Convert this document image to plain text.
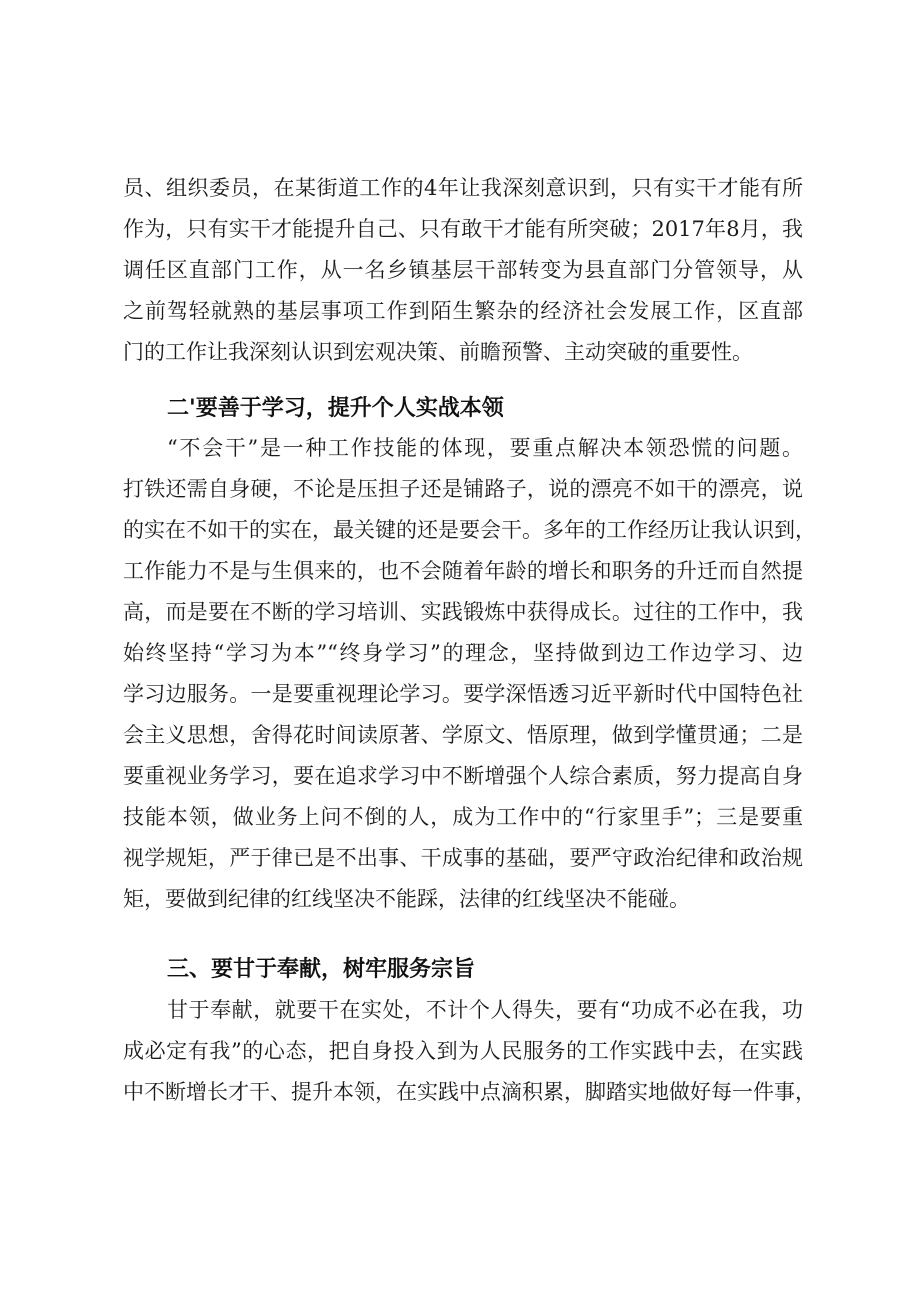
员、组织委员，在某街道工作的4年让我深刻意识到，只有实干才能有所
作为，只有实干才能提升自己、只有敢干才能有所突破；2017年8月，我
调任区直部门工作，从一名乡镇基层干部转变为县直部门分管领导，从
之前驾轻就熟的基层事项工作到陌生繁杂的经济社会发展工作，区直部
门的工作让我深刻认识到宏观决策、前瞻预警、主动突破的重要性。
二'要善于学习，提升个人实战本领
“不会干”是一种工作技能的体现，要重点解决本领恐慌的问题。
打铁还需自身硬，不论是压担子还是铺路子，说的漂亮不如干的漂亮，说
的实在不如干的实在，最关键的还是要会干。多年的工作经历让我认识到，
工作能力不是与生俱来的，也不会随着年龄的增长和职务的升迁而自然提
高，而是要在不断的学习培训、实践锻炼中获得成长。过往的工作中，我
始终坚持“学习为本”“终身学习”的理念，坚持做到边工作边学习、边
学习边服务。一是要重视理论学习。要学深悟透习近平新时代中国特色社
会主义思想，舍得花时间读原著、学原文、悟原理，做到学懂贯通；二是
要重视业务学习，要在追求学习中不断增强个人综合素质，努力提高自身
技能本领，做业务上问不倒的人，成为工作中的“行家里手”；三是要重
视学规矩，严于律已是不出事、干成事的基础，要严守政治纪律和政治规
矩，要做到纪律的红线坚决不能踩，法律的红线坚决不能碰。
三、要甘于奉献，树牢服务宗旨
甘于奉献，就要干在实处，不计个人得失，要有“功成不必在我，功
成必定有我”的心态，把自身投入到为人民服务的工作实践中去，在实践
中不断增长才干、提升本领，在实践中点滴积累，脚踏实地做好每一件事，
